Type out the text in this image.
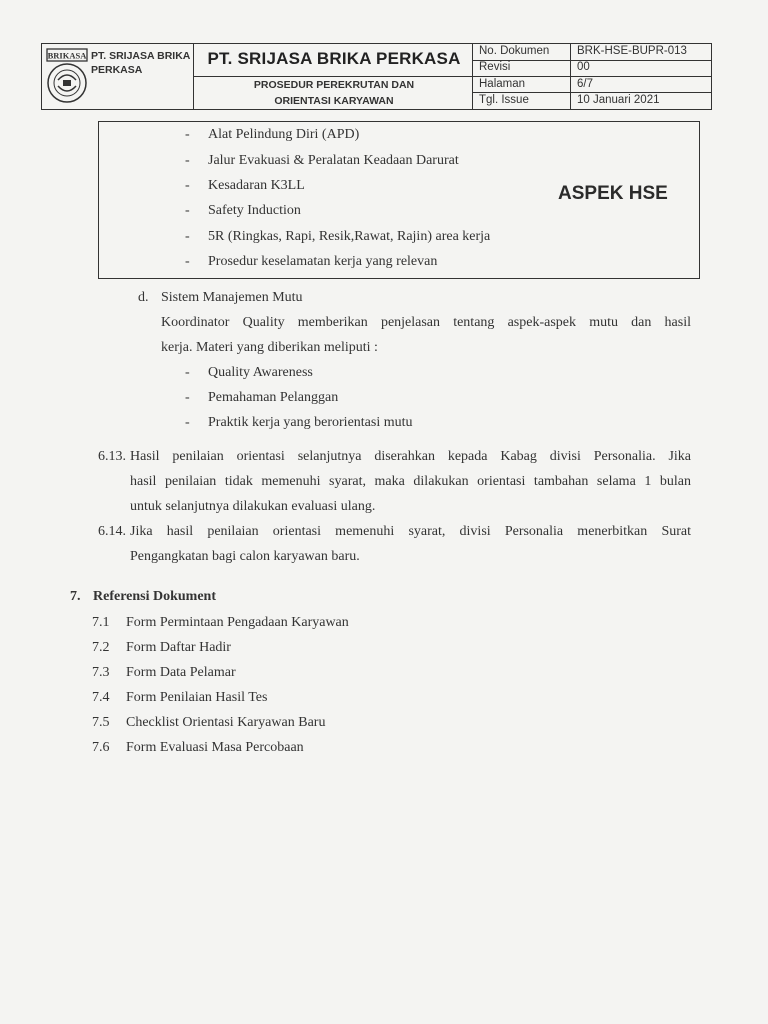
BRIKASA PT. SRIJASA BRIKA PERKASA
PT. SRIJASA BRIKA PERKASA
PROSEDUR PEREKRUTAN DAN
ORIENTASI KARYAWAN
No. Dokumen BRK-HSE-BUPR-013
Revisi	00
Halaman	6/7
Tgl. Issue	10 Januari 2021
ASPEK HSE
- Alat Pelindung Diri (APD)
- Jalur Evakuasi & Peralatan Keadaan Darurat
- Kesadaran K3LL
- Safety Induction
- 5R (Ringkas, Rapi, Resik,Rawat, Rajin) area kerja
- Prosedur keselamatan kerja yang relevan
d. Sistem Manajemen Mutu
Koordinator Quality memberikan penjelasan tentang aspek-aspek mutu dan hasil
kerja. Materi yang diberikan meliputi :
- Quality Awareness
- Pemahaman Pelanggan
- Praktik kerja yang berorientasi mutu
6.13. Hasil penilaian orientasi selanjutnya diserahkan kepada Kabag divisi Personalia. Jika
hasil penilaian tidak memenuhi syarat, maka dilakukan orientasi tambahan selama 1 bulan
untuk selanjutnya dilakukan evaluasi ulang.
6.14. Jika hasil penilaian orientasi memenuhi syarat, divisi Personalia menerbitkan Surat
Pengangkatan bagi calon karyawan baru.
7. Referensi Dokument
7.1 Form Permintaan Pengadaan Karyawan
7.2 Form Daftar Hadir
7.3 Form Data Pelamar
7.4 Form Penilaian Hasil Tes
7.5 Checklist Orientasi Karyawan Baru
7.6 Form Evaluasi Masa Percobaan
